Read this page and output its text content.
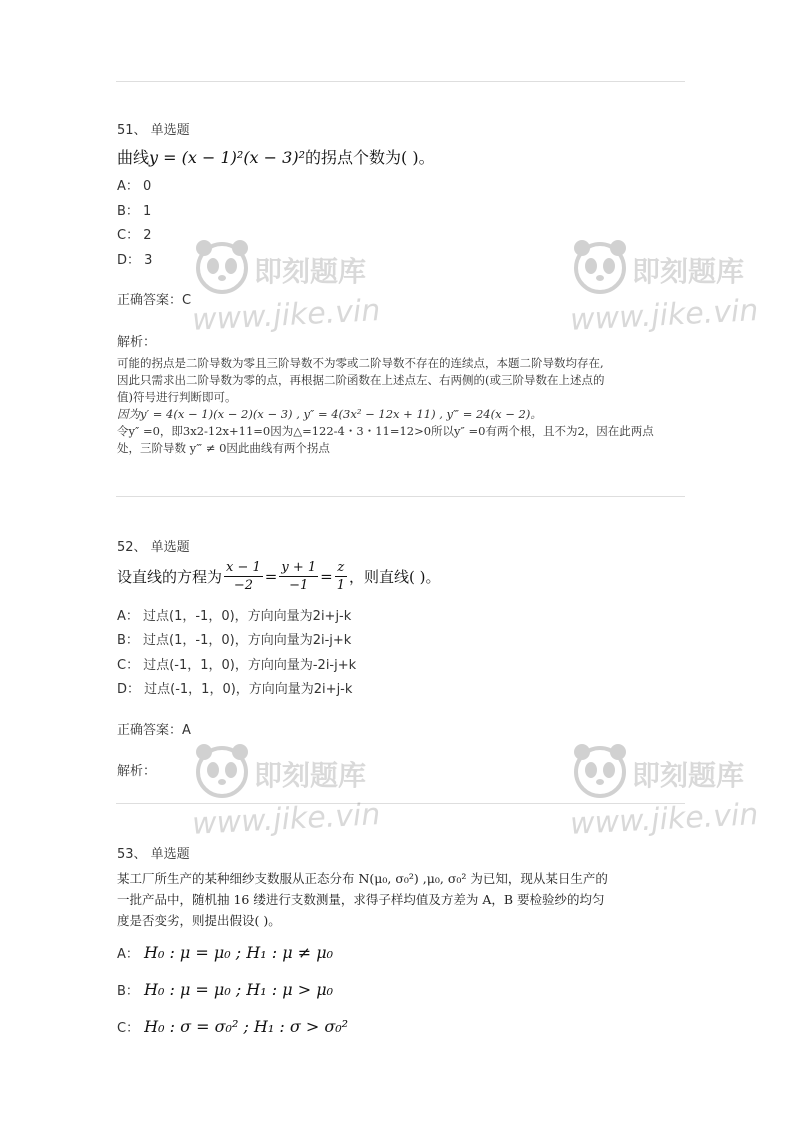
51、 单选题
曲线y = (x − 1)²(x − 3)²的拐点个数为( )。
A： 0
B： 1
C： 2
D： 3
正确答案：C
解析：
可能的拐点是二阶导数为零且三阶导数不为零或二阶导数不存在的连续点，本题二阶导数均存在,
因此只需求出二阶导数为零的点，再根据二阶函数在上述点左、右两侧的(或三阶导数在上述点的
值)符号进行判断即可。
因为y′ = 4(x − 1)(x − 2)(x − 3) , y″ = 4(3x² − 12x + 11) , y‴ = 24(x − 2)。
令y″ =0，即3x2-12x+11=0因为△=122-4・3・11=12>0所以y″ =0有两个根，且不为2，因在此两点
处，三阶导数 y‴ ≠ 0因此曲线有两个拐点
52、 单选题
设直线的方程为 $\frac{x - 1}{-2} = \frac{y + 1}{-1} = \frac{z}{1}$ ，则直线( )。
A： 过点(1，-1，0)，方向向量为2i+j-k
B： 过点(1，-1，0)，方向向量为2i-j+k
C： 过点(-1，1，0)，方向向量为-2i-j+k
D： 过点(-1，1，0)，方向向量为2i+j-k
正确答案：A
解析：
53、 单选题
某工厂所生产的某种细纱支数服从正态分布 N(μ₀, σ₀²) ,μ₀, σ₀² 为已知，现从某日生产的
一批产品中，随机抽 16 缕进行支数测量，求得子样均值及方差为 A，B 要检验纱的均匀
度是否变劣，则提出假设( )。
A： H₀ : μ = μ₀ ; H₁ : μ ≠ μ₀
B： H₀ : μ = μ₀ ; H₁ : μ > μ₀
C： H₀ : σ = σ₀² ; H₁ : σ > σ₀²
即刻题库
www.jike.vin
即刻题库
www.jike.vin
即刻题库
www.jike.vin
即刻题库
www.jike.vin
